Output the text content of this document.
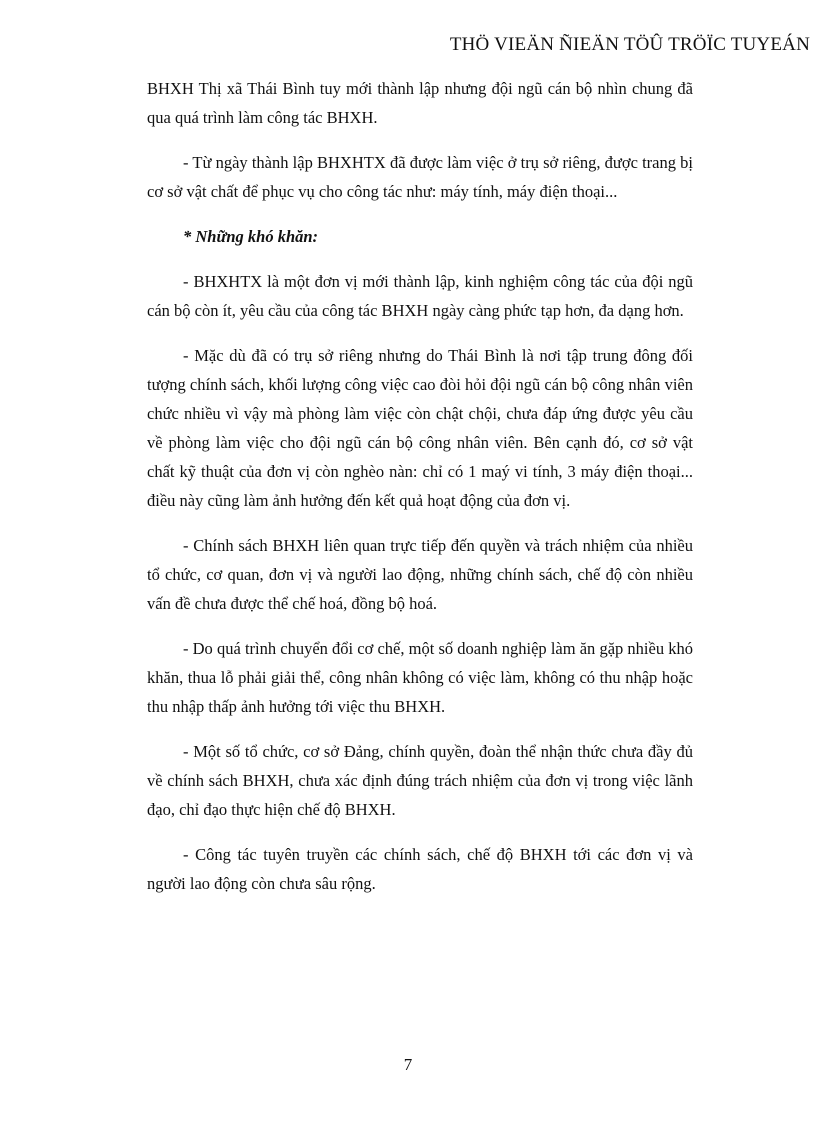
THÖ VIEÄN ÑIEÄN TÖÛ TRÖÏC TUYEÁN

BHXH Thị xã Thái Bình tuy mới thành lập nhưng đội ngũ cán bộ nhìn chung đã qua quá trình làm công tác BHXH.

- Từ ngày thành lập BHXHTX đã được làm việc ở trụ sở riêng, được trang bị cơ sở vật chất để phục vụ cho công tác như: máy tính, máy điện thoại...

* Những khó khăn:

- BHXHTX là một đơn vị mới thành lập, kinh nghiệm công tác của đội ngũ cán bộ còn ít, yêu cầu của công tác BHXH ngày càng phức tạp hơn, đa dạng hơn.

- Mặc dù đã có trụ sở riêng nhưng do Thái Bình là nơi tập trung đông đối tượng chính sách, khối lượng công việc cao đòi hỏi đội ngũ cán bộ công nhân viên chức nhiều vì vậy mà phòng làm việc còn chật chội, chưa đáp ứng được yêu cầu về phòng làm việc cho đội ngũ cán bộ công nhân viên. Bên cạnh đó, cơ sở vật chất kỹ thuật của đơn vị còn nghèo nàn: chỉ có 1 maý vi tính, 3 máy điện thoại... điều này cũng làm ảnh hưởng đến kết quả hoạt động của đơn vị.

- Chính sách BHXH liên quan trực tiếp đến quyền và trách nhiệm của nhiều tổ chức, cơ quan, đơn vị và người lao động, những chính sách, chế độ còn nhiều vấn đề chưa được thể chế hoá, đồng bộ hoá.

- Do quá trình chuyển đổi cơ chế, một số doanh nghiệp làm ăn gặp nhiều khó khăn, thua lỗ phải giải thể, công nhân không có việc làm, không có thu nhập hoặc thu nhập thấp ảnh hưởng tới việc thu BHXH.

- Một số tổ chức, cơ sở Đảng, chính quyền, đoàn thể nhận thức chưa đầy đủ về chính sách BHXH, chưa xác định đúng trách nhiệm của đơn vị trong việc lãnh đạo, chỉ đạo thực hiện chế độ BHXH.

- Công tác tuyên truyền các chính sách, chế độ BHXH tới các đơn vị và người lao động còn chưa sâu rộng.

7
